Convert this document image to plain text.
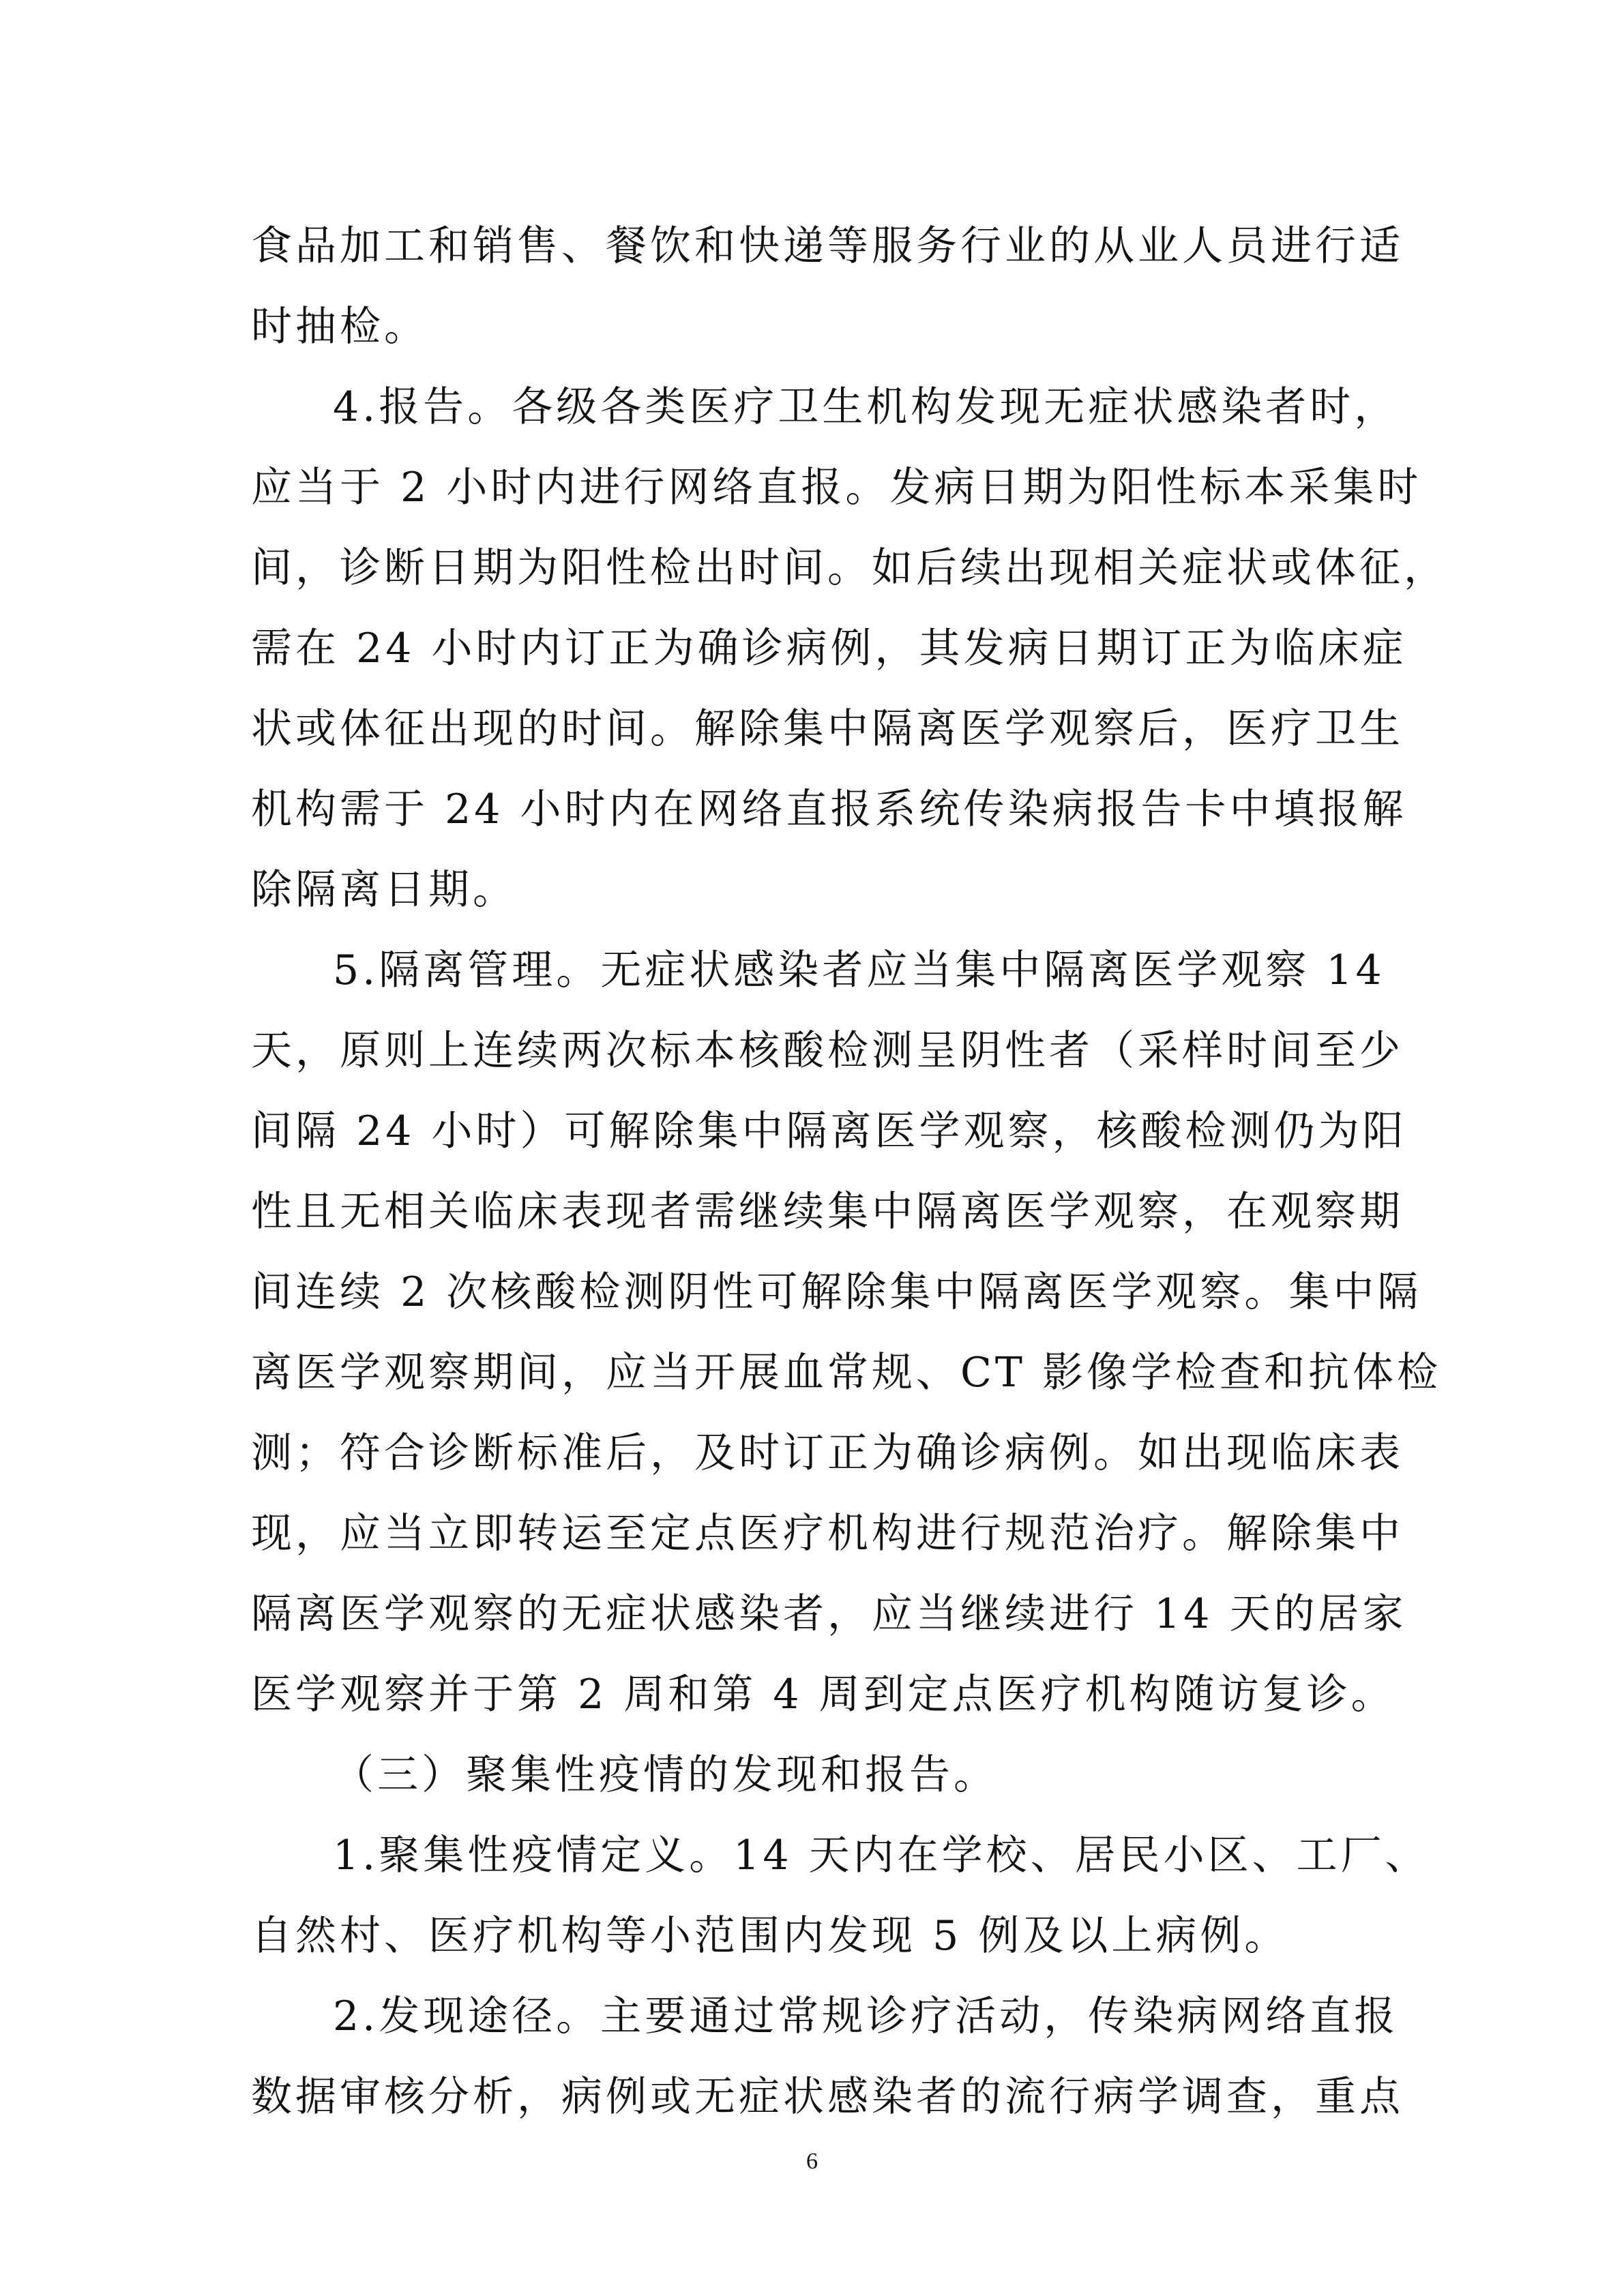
食品加工和销售、餐饮和快递等服务行业的从业人员进行适
时抽检。
4.报告。各级各类医疗卫生机构发现无症状感染者时，
应当于 2 小时内进行网络直报。发病日期为阳性标本采集时
间，诊断日期为阳性检出时间。如后续出现相关症状或体征，
需在 24 小时内订正为确诊病例，其发病日期订正为临床症
状或体征出现的时间。解除集中隔离医学观察后，医疗卫生
机构需于 24 小时内在网络直报系统传染病报告卡中填报解
除隔离日期。
5.隔离管理。无症状感染者应当集中隔离医学观察 14
天，原则上连续两次标本核酸检测呈阴性者（采样时间至少
间隔 24 小时）可解除集中隔离医学观察，核酸检测仍为阳
性且无相关临床表现者需继续集中隔离医学观察，在观察期
间连续 2 次核酸检测阴性可解除集中隔离医学观察。集中隔
离医学观察期间，应当开展血常规、CT 影像学检查和抗体检
测；符合诊断标准后，及时订正为确诊病例。如出现临床表
现，应当立即转运至定点医疗机构进行规范治疗。解除集中
隔离医学观察的无症状感染者，应当继续进行 14 天的居家
医学观察并于第 2 周和第 4 周到定点医疗机构随访复诊。
（三）聚集性疫情的发现和报告。
1.聚集性疫情定义。14 天内在学校、居民小区、工厂、
自然村、医疗机构等小范围内发现 5 例及以上病例。
2.发现途径。主要通过常规诊疗活动，传染病网络直报
数据审核分析，病例或无症状感染者的流行病学调查，重点
6
